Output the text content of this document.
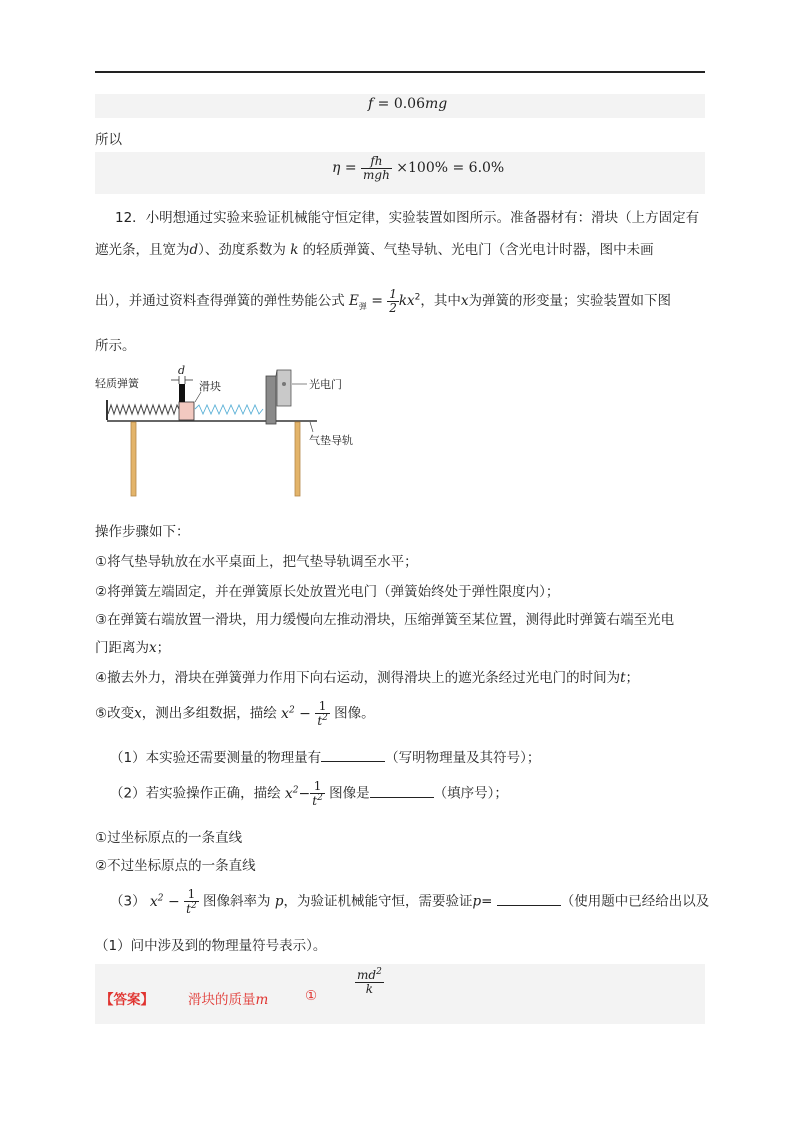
f = 0.06mg
所以
$\eta = \frac{fh}{\text{mgh}} \times 100\% = 6.0\%$
12．小明想通过实验来验证机械能守恒定律，实验装置如图所示。准备器材有：滑块（上方固定有
遮光条，且宽为d）、劲度系数为 k 的轻质弹簧、气垫导轨、光电门（含光电计时器，图中未画
出），并通过资料查得弹簧的弹性势能公式 $E_弹 = \frac{1}{2} kx^2$，其中x为弹簧的形变量；实验装置如下图
所示。
d
轻质弹簧	滑块	光电门
气垫导轨
操作步骤如下：
①将气垫导轨放在水平桌面上，把气垫导轨调至水平；
②将弹簧左端固定，并在弹簧原长处放置光电门（弹簧始终处于弹性限度内）；
③在弹簧右端放置一滑块，用力缓慢向左推动滑块，压缩弹簧至某位置，测得此时弹簧右端至光电
门距离为x；
④撤去外力，滑块在弹簧弹力作用下向右运动，测得滑块上的遮光条经过光电门的时间为t；
⑤改变x，测出多组数据，描绘 $x^2 - \frac{1}{t^2}$ 图像。
（1）本实验还需要测量的物理量有	（写明物理量及其符号）；
（2）若实验操作正确，描绘 $x^2- \frac{1}{t^2}$ 图像是	（填序号）；
①过坐标原点的一条直线
②不过坐标原点的一条直线
（3） $x^2 - \frac{1}{t^2}$ 图像斜率为 p，为验证机械能守恒，需要验证p=	（使用题中已经给出以及
（1）问中涉及到的物理量符号表示）。
【答案】	滑块的质量m	①
$\frac{md^2}{k}$
